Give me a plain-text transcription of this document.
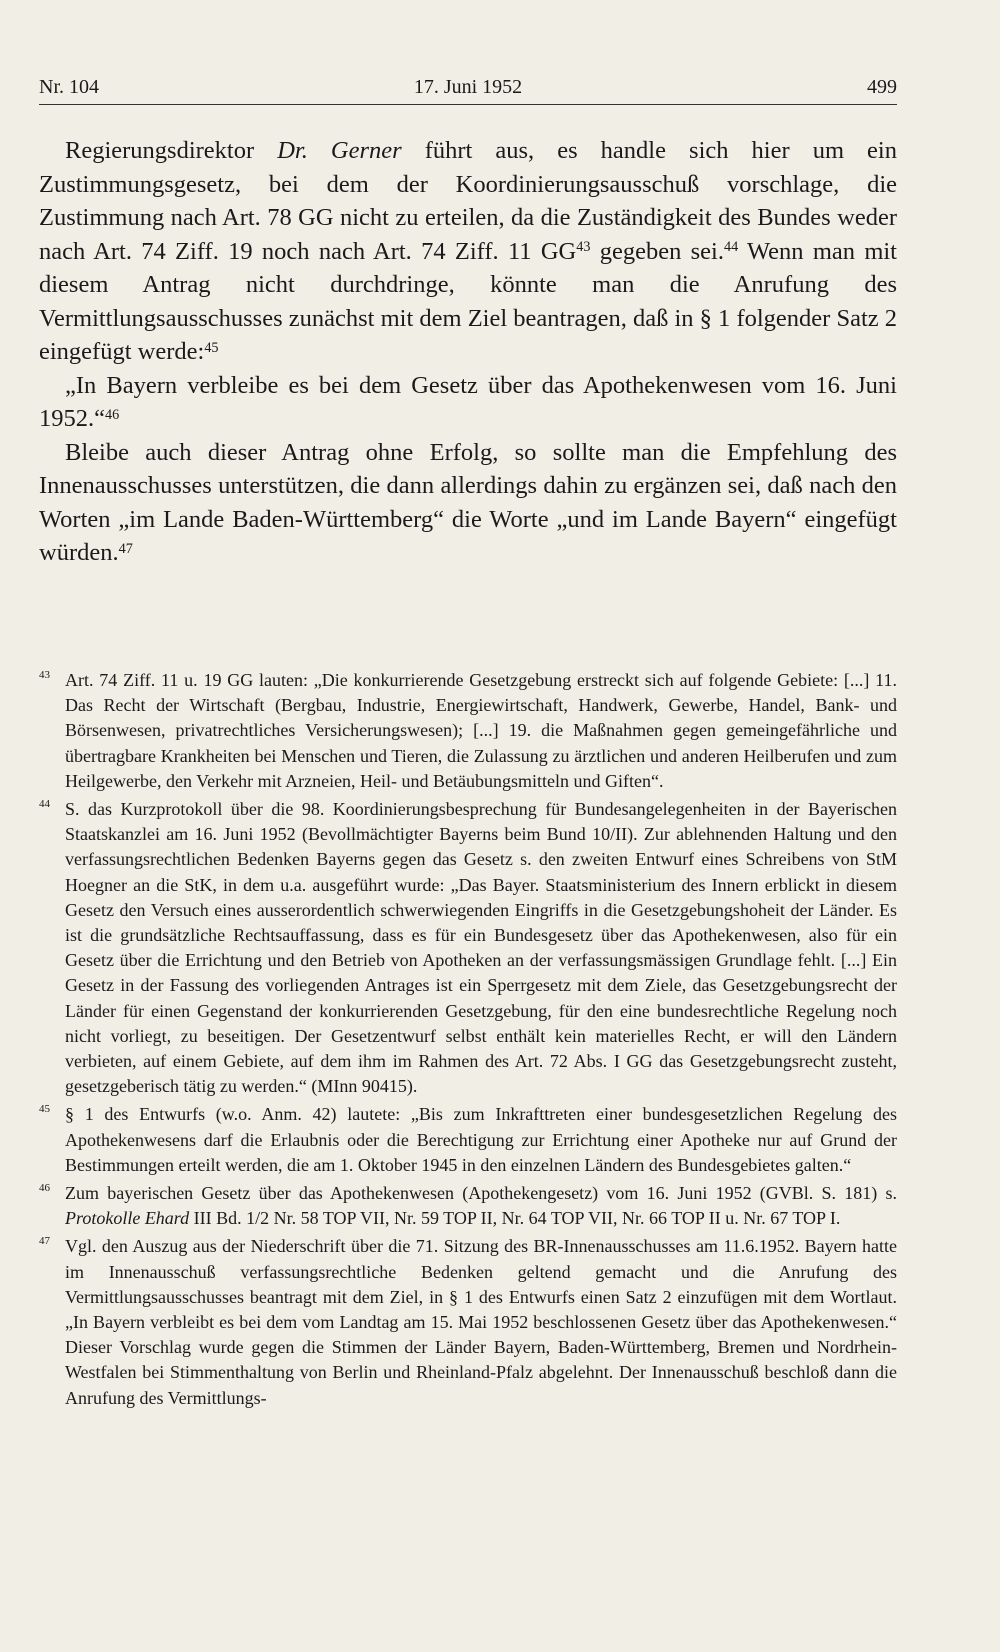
Nr. 104	17. Juni 1952	499

Regierungsdirektor Dr. Gerner führt aus, es handle sich hier um ein Zustimmungsgesetz, bei dem der Koordinierungsausschuß vorschlage, die Zustimmung nach Art. 78 GG nicht zu erteilen, da die Zuständigkeit des Bundes weder nach Art. 74 Ziff. 19 noch nach Art. 74 Ziff. 11 GG$^{43}$ gegeben sei.$^{44}$ Wenn man mit diesem Antrag nicht durchdringe, könnte man die Anrufung des Vermittlungsausschusses zunächst mit dem Ziel beantragen, daß in § 1 folgender Satz 2 eingefügt werde:$^{45}$

„In Bayern verbleibe es bei dem Gesetz über das Apothekenwesen vom 16. Juni 1952.“$^{46}$

Bleibe auch dieser Antrag ohne Erfolg, so sollte man die Empfehlung des Innenausschusses unterstützen, die dann allerdings dahin zu ergänzen sei, daß nach den Worten „im Lande Baden-Württemberg“ die Worte „und im Lande Bayern“ eingefügt würden.$^{47}$

43 Art. 74 Ziff. 11 u. 19 GG lauten: „Die konkurrierende Gesetzgebung erstreckt sich auf folgende Gebiete: [...] 11. Das Recht der Wirtschaft (Bergbau, Industrie, Energiewirtschaft, Handwerk, Gewerbe, Handel, Bank- und Börsenwesen, privatrechtliches Versicherungswesen); [...] 19. die Maßnahmen gegen gemeingefährliche und übertragbare Krankheiten bei Menschen und Tieren, die Zulassung zu ärztlichen und anderen Heilberufen und zum Heilgewerbe, den Verkehr mit Arzneien, Heil- und Betäubungsmitteln und Giften“.
44 S. das Kurzprotokoll über die 98. Koordinierungsbesprechung für Bundesangelegenheiten in der Bayerischen Staatskanzlei am 16. Juni 1952 (Bevollmächtigter Bayerns beim Bund 10/II). Zur ablehnenden Haltung und den verfassungsrechtlichen Bedenken Bayerns gegen das Gesetz s. den zweiten Entwurf eines Schreibens von StM Hoegner an die StK, in dem u.a. ausgeführt wurde: „Das Bayer. Staatsministerium des Innern erblickt in diesem Gesetz den Versuch eines ausserordentlich schwerwiegenden Eingriffs in die Gesetzgebungshoheit der Länder. Es ist die grundsätzliche Rechtsauffassung, dass es für ein Bundesgesetz über das Apothekenwesen, also für ein Gesetz über die Errichtung und den Betrieb von Apotheken an der verfassungsmässigen Grundlage fehlt. [...] Ein Gesetz in der Fassung des vorliegenden Antrages ist ein Sperrgesetz mit dem Ziele, das Gesetzgebungsrecht der Länder für einen Gegenstand der konkurrierenden Gesetzgebung, für den eine bundesrechtliche Regelung noch nicht vorliegt, zu beseitigen. Der Gesetzentwurf selbst enthält kein materielles Recht, er will den Ländern verbieten, auf einem Gebiete, auf dem ihm im Rahmen des Art. 72 Abs. I GG das Gesetzgebungsrecht zusteht, gesetzgeberisch tätig zu werden.“ (MInn 90415).
45 § 1 des Entwurfs (w.o. Anm. 42) lautete: „Bis zum Inkrafttreten einer bundesgesetzlichen Regelung des Apothekenwesens darf die Erlaubnis oder die Berechtigung zur Errichtung einer Apotheke nur auf Grund der Bestimmungen erteilt werden, die am 1. Oktober 1945 in den einzelnen Ländern des Bundesgebietes galten.“
46 Zum bayerischen Gesetz über das Apothekenwesen (Apothekengesetz) vom 16. Juni 1952 (GVBl. S. 181) s. Protokolle Ehard III Bd. 1/2 Nr. 58 TOP VII, Nr. 59 TOP II, Nr. 64 TOP VII, Nr. 66 TOP II u. Nr. 67 TOP I.
47 Vgl. den Auszug aus der Niederschrift über die 71. Sitzung des BR-Innenausschusses am 11.6.1952. Bayern hatte im Innenausschuß verfassungsrechtliche Bedenken geltend gemacht und die Anrufung des Vermittlungsausschusses beantragt mit dem Ziel, in § 1 des Entwurfs einen Satz 2 einzufügen mit dem Wortlaut. „In Bayern verbleibt es bei dem vom Landtag am 15. Mai 1952 beschlossenen Gesetz über das Apothekenwesen.“ Dieser Vorschlag wurde gegen die Stimmen der Länder Bayern, Baden-Württemberg, Bremen und Nordrhein-Westfalen bei Stimmenthaltung von Berlin und Rheinland-Pfalz abgelehnt. Der Innenausschuß beschloß dann die Anrufung des Vermittlungs-
